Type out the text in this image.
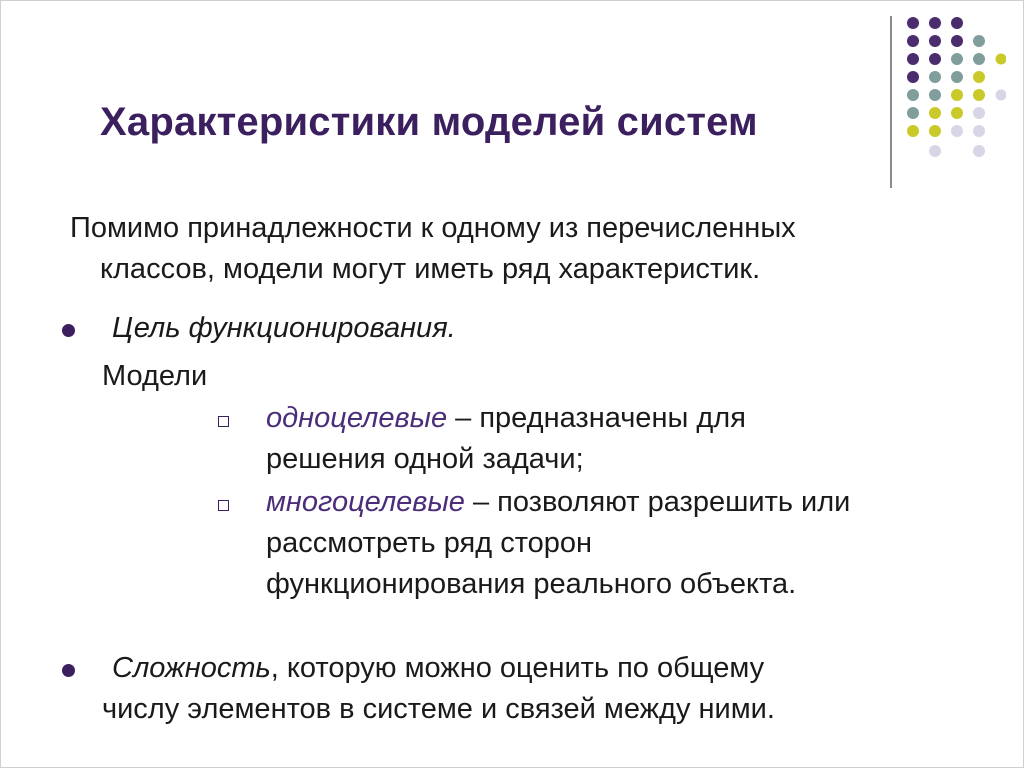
Характеристики моделей систем
Помимо принадлежности к одному из перечисленных
классов, модели могут иметь ряд характеристик.
Цель функционирования.
Модели
одноцелевые – предназначены для
решения одной задачи;
многоцелевые – позволяют разрешить или
рассмотреть ряд сторон
функционирования реального объекта.
Сложность, которую можно оценить по общему
числу элементов в системе и связей между ними.
